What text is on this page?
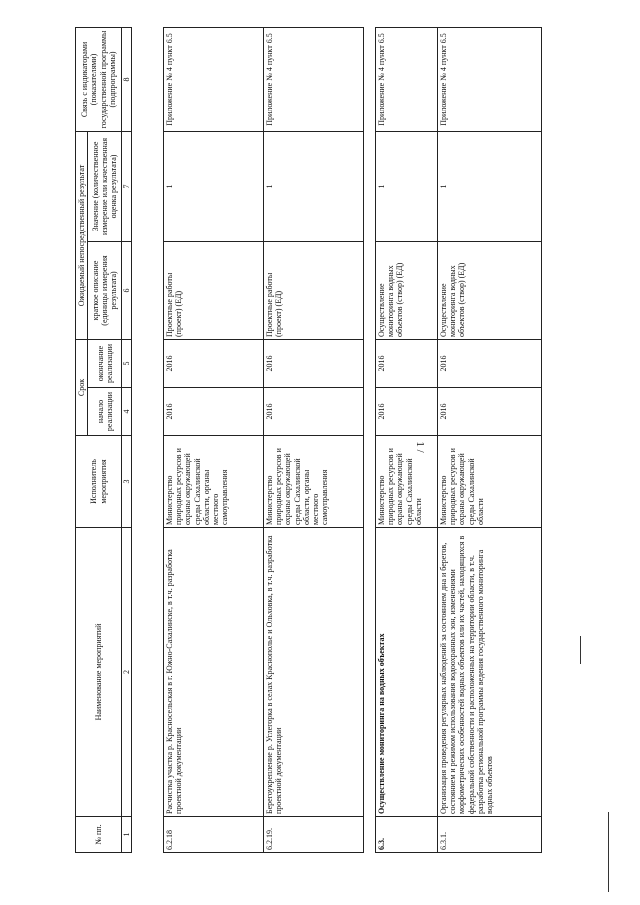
1 /
№ пп.	Наименование мероприятий	Исполнитель мероприятия	Срок		Ожидаемый непосредственный результат		Связь с индикаторами (показателями) государственной программы (подпрограммы)
			начало реализации	окончание реализации	краткое описание (единицы измерения результата)	Значение (количественное измерение или качественная оценка результата)	

1	2	3	4	5	6	7	8
6.2.18	Расчистка участка р. Красносельская в г. Южно-Сахалинске, в т.ч. разработка проектной документации	Министерство природных ресурсов и охраны окружающей среды Сахалинской области, органы местного самоуправления	2016	2016	Проектные работы (проект) (ЕД)	1	Приложение № 4 пункт 6.5
6.2.19.	Берегоукрепление р. Углегорка в селах Краснополье и Ольховка, в т.ч. разработка проектной документации	Министерство природных ресурсов и охраны окружающей среды Сахалинской области, органы местного самоуправления	2016	2016	Проектные работы (проект) (ЕД)	1	Приложение № 4 пункт 6.5
6.3.	Осуществление мониторинга на водных объектах	Министерство природных ресурсов и охраны окружающей среды Сахалинской области	2016	2016	Осуществление мониторинга водных объектов (створ) (ЕД)	1	Приложение № 4 пункт 6.5
6.3.1.	Организация проведения регулярных наблюдений за состоянием дна и берегов, состоянием и режимом использования водоохранных зон, изменениями морфометрических особенностей водных объектов или их частей, находящихся в федеральной собственности и расположенных на территории области, в т.ч. разработка региональной программы ведения государственного мониторинга водных объектов	Министерство природных ресурсов и охраны окружающей среды Сахалинской области	2016	2016	Осуществление мониторинга водных объектов (створ) (ЕД)	1	Приложение № 4 пункт 6.5
